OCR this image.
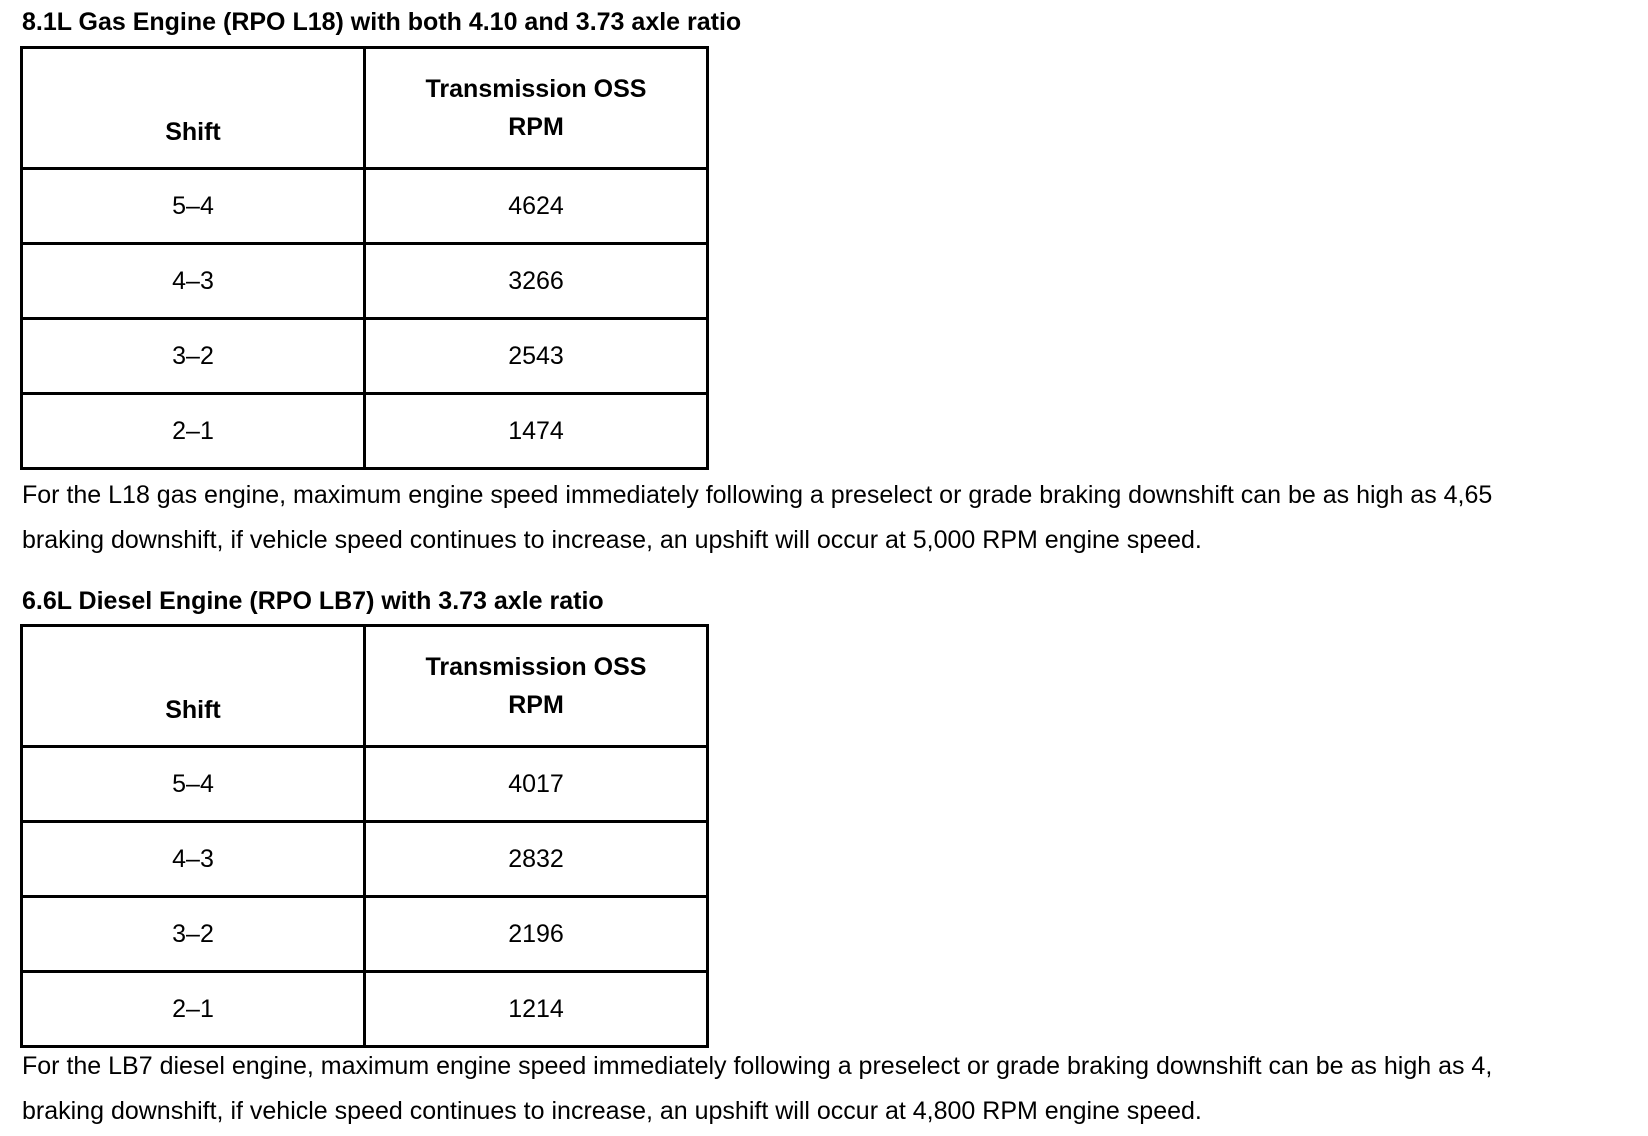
8.1L Gas Engine (RPO L18) with both 4.10 and 3.73 axle ratio
Shift	Transmission OSS
RPM
5–4	4624
4–3	3266
3–2	2543
2–1	1474

For the L18 gas engine, maximum engine speed immediately following a preselect or grade braking downshift can be as high as 4,65

braking downshift, if vehicle speed continues to increase, an upshift will occur at 5,000 RPM engine speed.

6.6L Diesel Engine (RPO LB7) with 3.73 axle ratio
Shift	Transmission OSS
RPM
5–4	4017
4–3	2832
3–2	2196
2–1	1214

For the LB7 diesel engine, maximum engine speed immediately following a preselect or grade braking downshift can be as high as 4,

braking downshift, if vehicle speed continues to increase, an upshift will occur at 4,800 RPM engine speed.
